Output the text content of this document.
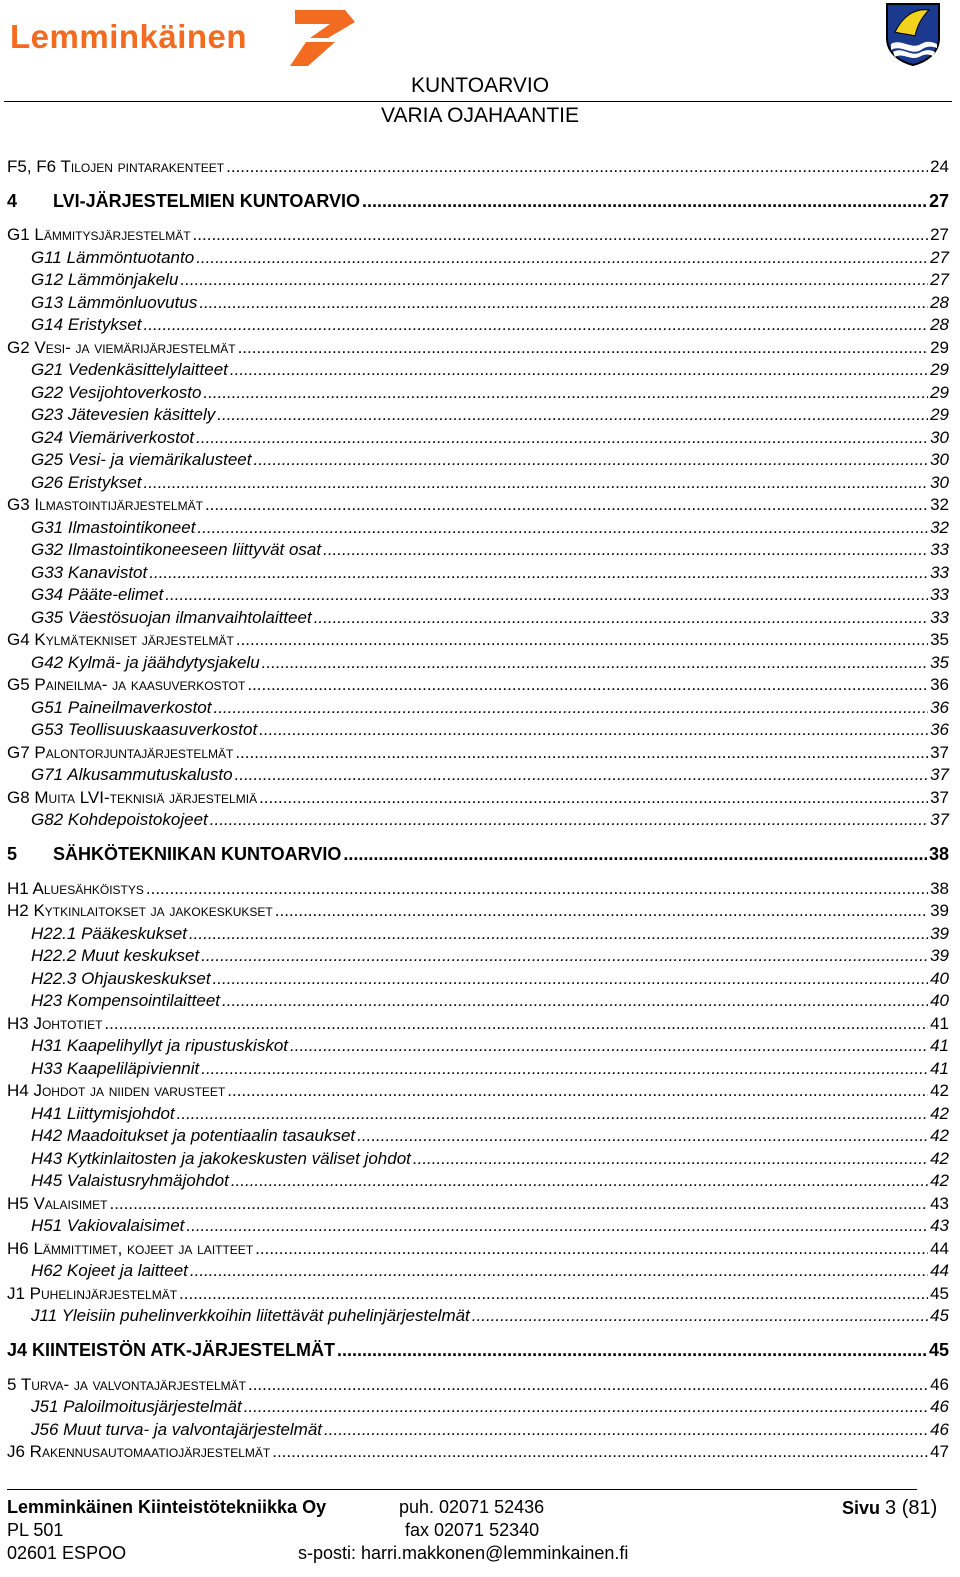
Lemminkäinen
KUNTOARVIO
VARIA OJAHAANTIE
F5, F6 Tilojen pintarakenteet .....	24
4 LVI-JÄRJESTELMIEN KUNTOARVIO .....	27
G1 Lämmitysjärjestelmät .....	27
G11 Lämmöntuotanto .....	27
G12 Lämmönjakelu .....	27
G13 Lämmönluovutus .....	28
G14 Eristykset .....	28
G2 Vesi- ja viemärijärjestelmät .....	29
G21 Vedenkäsittelylaitteet .....	29
G22 Vesijohtoverkosto .....	29
G23 Jätevesien käsittely .....	29
G24 Viemäriverkostot .....	30
G25 Vesi- ja viemärikalusteet .....	30
G26 Eristykset .....	30
G3 Ilmastointijärjestelmät .....	32
G31 Ilmastointikoneet .....	32
G32 Ilmastointikoneeseen liittyvät osat .....	33
G33 Kanavistot .....	33
G34 Pääte-elimet .....	33
G35 Väestösuojan ilmanvaihtolaitteet .....	33
G4 Kylmätekniset järjestelmät .....	35
G42 Kylmä- ja jäähdytysjakelu .....	35
G5 Paineilma- ja kaasuverkostot .....	36
G51 Paineilmaverkostot .....	36
G53 Teollisuuskaasuverkostot .....	36
G7 Palontorjuntajärjestelmät .....	37
G71 Alkusammutuskalusto .....	37
G8 Muita LVI-teknisiä järjestelmiä .....	37
G82 Kohdepoistokojeet .....	37
5 SÄHKÖTEKNIIKAN KUNTOARVIO .....	38
H1 Aluesähköistys .....	38
H2 Kytkinlaitokset ja jakokeskukset .....	39
H22.1 Pääkeskukset .....	39
H22.2 Muut keskukset .....	39
H22.3 Ohjauskeskukset .....	40
H23 Kompensointilaitteet .....	40
H3 Johtotiet .....	41
H31 Kaapelihyllyt ja ripustuskiskot .....	41
H33 Kaapeliläpiviennit .....	41
H4 Johdot ja niiden varusteet .....	42
H41 Liittymisjohdot .....	42
H42 Maadoitukset ja potentiaalin tasaukset .....	42
H43 Kytkinlaitosten ja jakokeskusten väliset johdot .....	42
H45 Valaistusryhmäjohdot .....	42
H5 Valaisimet .....	43
H51 Vakiovalaisimet .....	43
H6 Lämmittimet, kojeet ja laitteet .....	44
H62 Kojeet ja laitteet .....	44
J1 Puhelinjärjestelmät .....	45
J11 Yleisiin puhelinverkkoihin liitettävät puhelinjärjestelmät .....	45
J4 KIINTEISTÖN ATK-JÄRJESTELMÄT .....	45
5 Turva- ja valvontajärjestelmät .....	46
J51 Paloilmoitusjärjestelmät .....	46
J56 Muut turva- ja valvontajärjestelmät .....	46
J6 Rakennusautomaatiojärjestelmät .....	47
Lemminkäinen Kiinteistötekniikka Oy
PL 501
02601 ESPOO
puh. 02071 52436
fax 02071 52340
s-posti: harri.makkonen@lemminkainen.fi
Sivu 3 (81)
